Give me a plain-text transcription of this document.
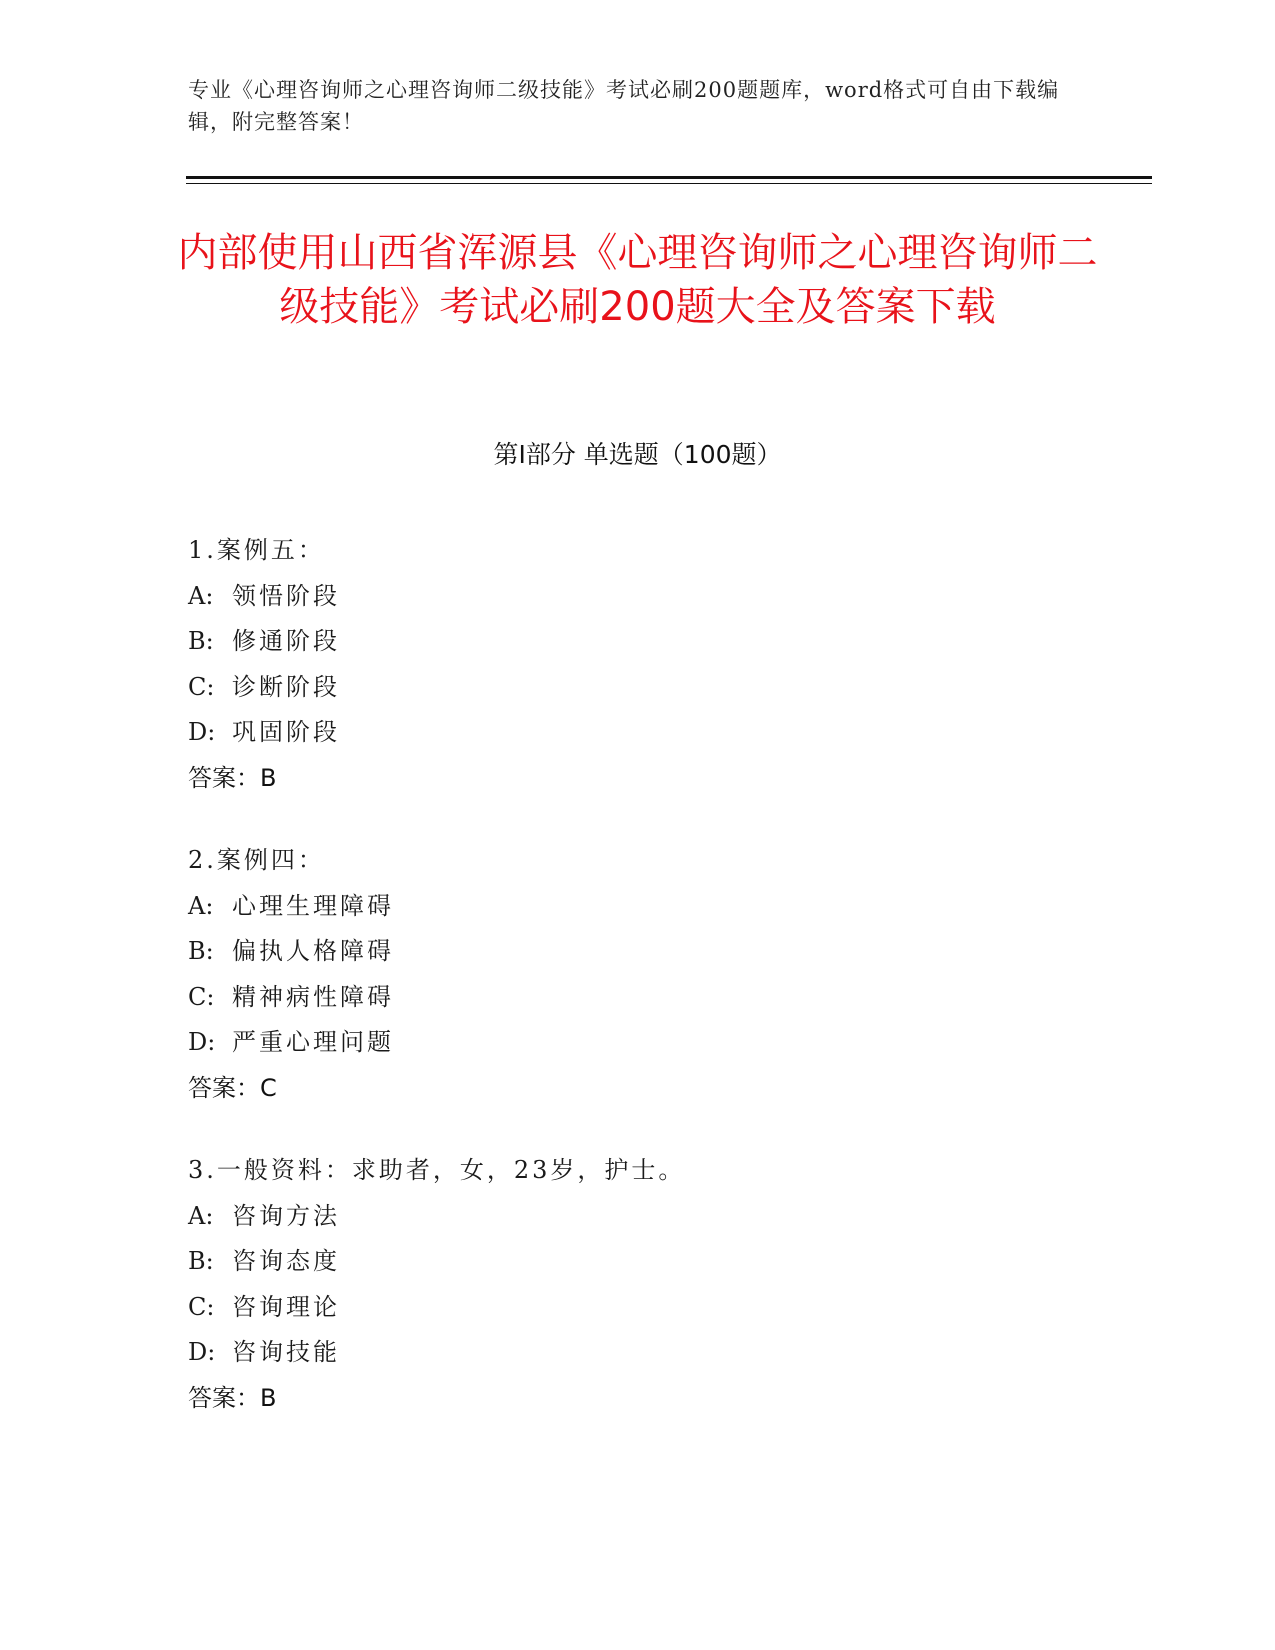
专业《心理咨询师之心理咨询师二级技能》考试必刷200题题库，word格式可自由下载编辑，附完整答案！
内部使用山西省浑源县《心理咨询师之心理咨询师二级技能》考试必刷200题大全及答案下载
第Ⅰ部分 单选题（100题）
1.案例五：
A: 领悟阶段
B: 修通阶段
C: 诊断阶段
D: 巩固阶段
答案：B
2.案例四：
A: 心理生理障碍
B: 偏执人格障碍
C: 精神病性障碍
D: 严重心理问题
答案：C
3.一般资料：求助者，女，23岁，护士。
A: 咨询方法
B: 咨询态度
C: 咨询理论
D: 咨询技能
答案：B
